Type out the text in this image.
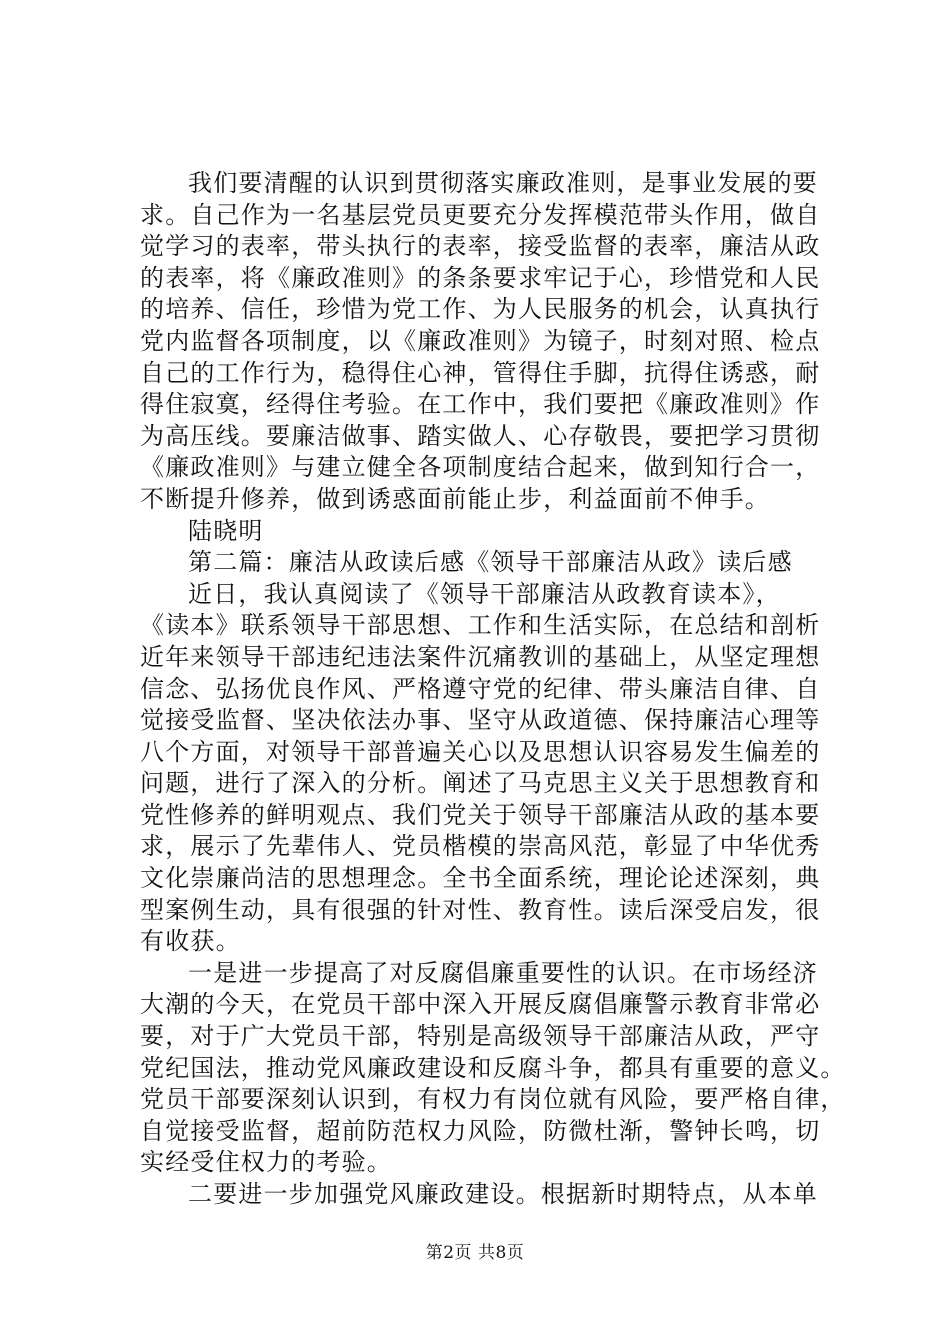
我们要清醒的认识到贯彻落实廉政准则，是事业发展的要
求。自己作为一名基层党员更要充分发挥模范带头作用，做自
觉学习的表率，带头执行的表率，接受监督的表率，廉洁从政
的表率，将《廉政准则》的条条要求牢记于心，珍惜党和人民
的培养、信任，珍惜为党工作、为人民服务的机会，认真执行
党内监督各项制度，以《廉政准则》为镜子，时刻对照、检点
自己的工作行为，稳得住心神，管得住手脚，抗得住诱惑，耐
得住寂寞，经得住考验。在工作中，我们要把《廉政准则》作
为高压线。要廉洁做事、踏实做人、心存敬畏，要把学习贯彻
《廉政准则》与建立健全各项制度结合起来，做到知行合一，
不断提升修养，做到诱惑面前能止步，利益面前不伸手。
陆晓明
第二篇：廉洁从政读后感《领导干部廉洁从政》读后感
近日，我认真阅读了《领导干部廉洁从政教育读本》，
《读本》联系领导干部思想、工作和生活实际，在总结和剖析
近年来领导干部违纪违法案件沉痛教训的基础上，从坚定理想
信念、弘扬优良作风、严格遵守党的纪律、带头廉洁自律、自
觉接受监督、坚决依法办事、坚守从政道德、保持廉洁心理等
八个方面，对领导干部普遍关心以及思想认识容易发生偏差的
问题，进行了深入的分析。阐述了马克思主义关于思想教育和
党性修养的鲜明观点、我们党关于领导干部廉洁从政的基本要
求，展示了先辈伟人、党员楷模的崇高风范，彰显了中华优秀
文化崇廉尚洁的思想理念。全书全面系统，理论论述深刻，典
型案例生动，具有很强的针对性、教育性。读后深受启发，很
有收获。
一是进一步提高了对反腐倡廉重要性的认识。在市场经济
大潮的今天，在党员干部中深入开展反腐倡廉警示教育非常必
要，对于广大党员干部，特别是高级领导干部廉洁从政，严守
党纪国法，推动党风廉政建设和反腐斗争，都具有重要的意义。
党员干部要深刻认识到，有权力有岗位就有风险，要严格自律，
自觉接受监督，超前防范权力风险，防微杜渐，警钟长鸣，切
实经受住权力的考验。
二要进一步加强党风廉政建设。根据新时期特点，从本单
第2页 共8页
